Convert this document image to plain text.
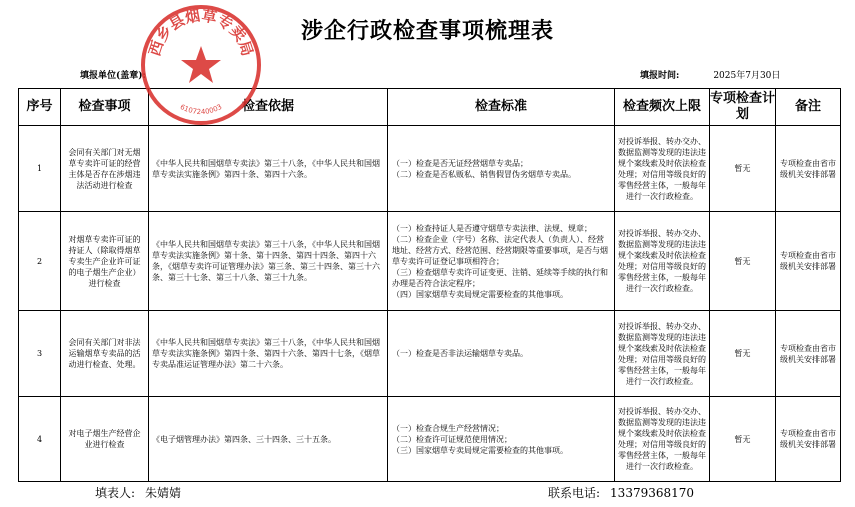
涉企行政检查事项梳理表
填报单位(盖章):	填报时间:	2025年7月30日
序号	检查事项	检查依据	检查标准	检查频次上限	专项检查计划	备注
1	会同有关部门对无烟草专卖许可证的经营主体是否存在涉烟违法活动进行检查	《中华人民共和国烟草专卖法》第三十八条，《中华人民共和国烟草专卖法实施条例》第四十条、第四十六条。	（一）检查是否无证经营烟草专卖品；
（二）检查是否私贩私、销售假冒伪劣烟草专卖品。	对投诉举报、转办交办、数据监测等发现的违法违规个案线索及时依法检查处理；对信用等级良好的零售经营主体，一般每年进行一次行政检查。	暂无	专项检查由省市级机关安排部署
2	对烟草专卖许可证的持证人（除取得烟草专卖生产企业许可证的电子烟生产企业）进行检查	《中华人民共和国烟草专卖法》第三十八条，《中华人民共和国烟草专卖法实施条例》第十条、第十四条、第四十四条、第四十六条，《烟草专卖许可证管理办法》第三条、第三十四条、第三十六条、第三十七条、第三十八条、第三十九条。	（一）检查持证人是否遵守烟草专卖法律、法规、规章；
（二）检查企业（字号）名称、法定代表人（负责人）、经营地址、经营方式、经营范围、经营期限等重要事项，是否与烟草专卖许可证登记事项相符合；
（三）检查烟草专卖许可证变更、注销、延续等手续的执行和办理是否符合法定程序；
（四）国家烟草专卖局规定需要检查的其他事项。	对投诉举报、转办交办、数据监测等发现的违法违规个案线索及时依法检查处理；对信用等级良好的零售经营主体，一般每年进行一次行政检查。	暂无	专项检查由省市级机关安排部署
3	会同有关部门对非法运输烟草专卖品的活动进行检查、处理。	《中华人民共和国烟草专卖法》第三十八条，《中华人民共和国烟草专卖法实施条例》第四十条、第四十六条、第四十七条，《烟草专卖品准运证管理办法》第二十六条。	（一）检查是否非法运输烟草专卖品。	对投诉举报、转办交办、数据监测等发现的违法违规个案线索及时依法检查处理；对信用等级良好的零售经营主体，一般每年进行一次行政检查。	暂无	专项检查由省市级机关安排部署
4	对电子烟生产经营企业进行检查	《电子烟管理办法》第四条、三十四条、三十五条。	（一）检查合规生产经营情况；
（二）检查许可证规范使用情况；
（三）国家烟草专卖局规定需要检查的其他事项。	对投诉举报、转办交办、数据监测等发现的违法违规个案线索及时依法检查处理；对信用等级良好的零售经营主体，一般每年进行一次行政检查。	暂无	专项检查由省市级机关安排部署
填表人: 朱婧婧	联系电话: 13379368170
西乡县烟草专卖局
6107240003
